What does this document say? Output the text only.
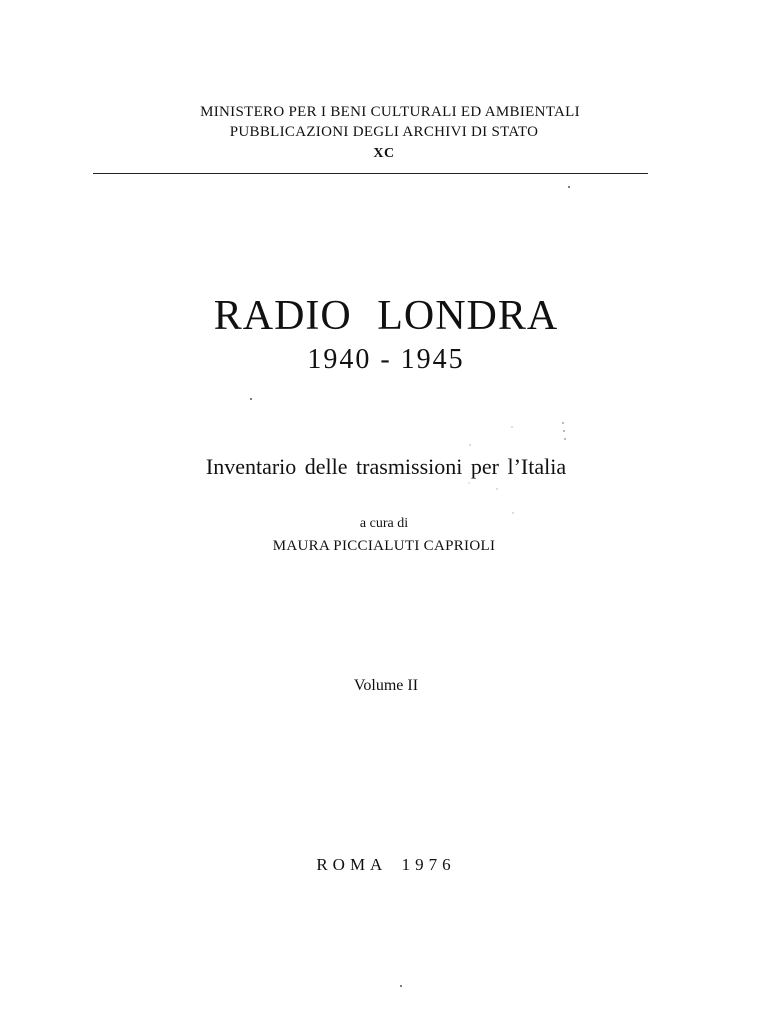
MINISTERO PER I BENI CULTURALI ED AMBIENTALI
PUBBLICAZIONI DEGLI ARCHIVI DI STATO
XC
RADIO LONDRA
1940 - 1945
Inventario delle trasmissioni per l’Italia
a cura di
MAURA PICCIALUTI CAPRIOLI
Volume II
ROMA 1976
